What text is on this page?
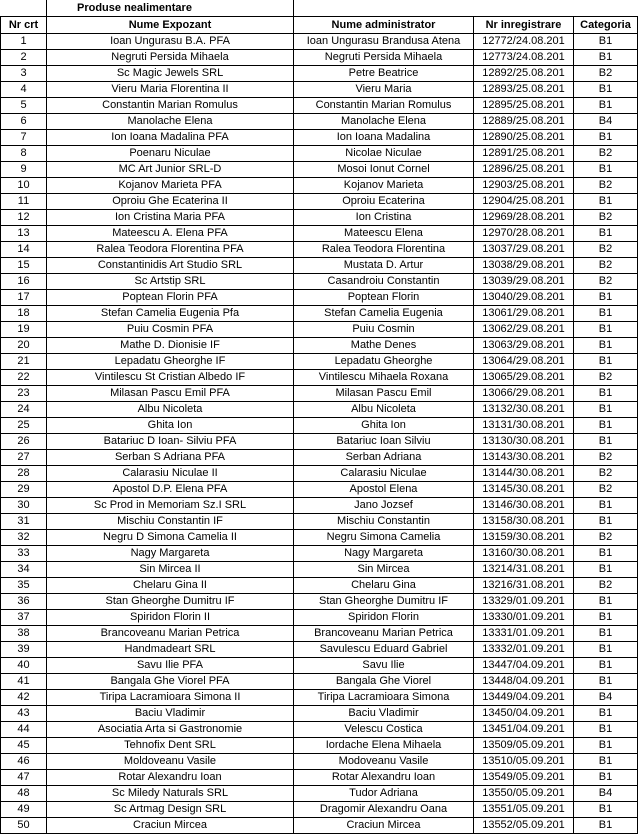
	Produse nealimentare			
Nr crt	Nume Expozant	Nume administrator	Nr inregistrare	Categoria
1	Ioan Ungurasu B.A. PFA	Ioan Ungurasu Brandusa Atena	12772/24.08.201	B1
2	Negruti Persida Mihaela	Negruti Persida Mihaela	12773/24.08.201	B1
3	Sc Magic Jewels SRL	Petre Beatrice	12892/25.08.201	B2
4	Vieru Maria Florentina II	Vieru Maria	12893/25.08.201	B1
5	Constantin Marian Romulus	Constantin Marian Romulus	12895/25.08.201	B1
6	Manolache Elena	Manolache Elena	12889/25.08.201	B4
7	Ion Ioana Madalina PFA	Ion Ioana Madalina	12890/25.08.201	B1
8	Poenaru Niculae	Nicolae Niculae	12891/25.08.201	B2
9	MC Art Junior SRL-D	Mosoi Ionut Cornel	12896/25.08.201	B1
10	Kojanov Marieta PFA	Kojanov Marieta	12903/25.08.201	B2
11	Oproiu Ghe Ecaterina II	Oproiu Ecaterina	12904/25.08.201	B1
12	Ion Cristina Maria PFA	Ion Cristina	12969/28.08.201	B2
13	Mateescu A. Elena PFA	Mateescu Elena	12970/28.08.201	B1
14	Ralea Teodora Florentina PFA	Ralea Teodora Florentina	13037/29.08.201	B2
15	Constantinidis Art Studio SRL	Mustata D. Artur	13038/29.08.201	B2
16	Sc Artstip SRL	Casandroiu Constantin	13039/29.08.201	B2
17	Poptean Florin PFA	Poptean Florin	13040/29.08.201	B1
18	Stefan Camelia Eugenia Pfa	Stefan Camelia Eugenia	13061/29.08.201	B1
19	Puiu Cosmin PFA	Puiu Cosmin	13062/29.08.201	B1
20	Mathe D. Dionisie IF	Mathe Denes	13063/29.08.201	B1
21	Lepadatu Gheorghe IF	Lepadatu Gheorghe	13064/29.08.201	B1
22	Vintilescu St Cristian Albedo IF	Vintilescu Mihaela Roxana	13065/29.08.201	B2
23	Milasan Pascu Emil PFA	Milasan Pascu Emil	13066/29.08.201	B1
24	Albu Nicoleta	Albu Nicoleta	13132/30.08.201	B1
25	Ghita Ion	Ghita Ion	13131/30.08.201	B1
26	Batariuc D Ioan- Silviu PFA	Batariuc Ioan Silviu	13130/30.08.201	B1
27	Serban S Adriana PFA	Serban Adriana	13143/30.08.201	B2
28	Calarasiu Niculae II	Calarasiu Niculae	13144/30.08.201	B2
29	Apostol D.P. Elena PFA	Apostol Elena	13145/30.08.201	B2
30	Sc Prod in Memoriam Sz.I SRL	Jano Jozsef	13146/30.08.201	B1
31	Mischiu Constantin IF	Mischiu Constantin	13158/30.08.201	B1
32	Negru D Simona Camelia II	Negru Simona Camelia	13159/30.08.201	B2
33	Nagy Margareta	Nagy Margareta	13160/30.08.201	B1
34	Sin Mircea II	Sin Mircea	13214/31.08.201	B1
35	Chelaru Gina II	Chelaru Gina	13216/31.08.201	B2
36	Stan Gheorghe Dumitru IF	Stan Gheorghe Dumitru IF	13329/01.09.201	B1
37	Spiridon Florin II	Spiridon Florin	13330/01.09.201	B1
38	Brancoveanu Marian Petrica	Brancoveanu Marian Petrica	13331/01.09.201	B1
39	Handmadeart SRL	Savulescu Eduard Gabriel	13332/01.09.201	B1
40	Savu Ilie PFA	Savu Ilie	13447/04.09.201	B1
41	Bangala Ghe Viorel PFA	Bangala Ghe Viorel	13448/04.09.201	B1
42	Tiripa Lacramioara Simona II	Tiripa Lacramioara Simona	13449/04.09.201	B4
43	Baciu Vladimir	Baciu Vladimir	13450/04.09.201	B1
44	Asociatia Arta si Gastronomie	Velescu Costica	13451/04.09.201	B1
45	Tehnofix Dent SRL	Iordache Elena Mihaela	13509/05.09.201	B1
46	Moldoveanu Vasile	Modoveanu Vasile	13510/05.09.201	B1
47	Rotar Alexandru Ioan	Rotar Alexandru Ioan	13549/05.09.201	B1
48	Sc Miledy Naturals SRL	Tudor Adriana	13550/05.09.201	B4
49	Sc Artmag Design SRL	Dragomir Alexandru Oana	13551/05.09.201	B1
50	Craciun Mircea	Craciun Mircea	13552/05.09.201	B1
